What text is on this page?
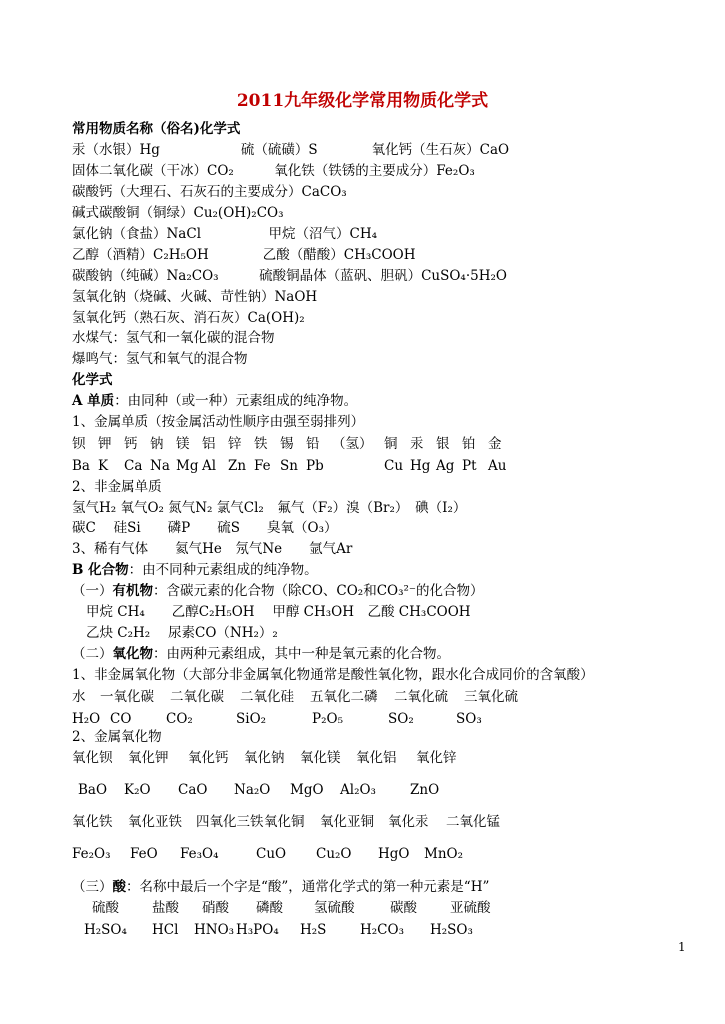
2011九年级化学常用物质化学式
常用物质名称（俗名)化学式
汞（水银）Hg　　　　　　硫（硫磺）S　　　　氧化钙（生石灰）CaO
固体二氧化碳（干冰）CO₂　　　氧化铁（铁锈的主要成分）Fe₂O₃
碳酸钙（大理石、石灰石的主要成分）CaCO₃
碱式碳酸铜（铜绿）Cu₂(OH)₂CO₃
氯化钠（食盐）NaCl　　　　　甲烷（沼气）CH₄
乙醇（酒精）C₂H₅OH　　　　乙酸（醋酸）CH₃COOH
碳酸钠（纯碱）Na₂CO₃　　　硫酸铜晶体（蓝矾、胆矾）CuSO₄·5H₂O
氢氧化钠（烧碱、火碱、苛性钠）NaOH
氢氧化钙（熟石灰、消石灰）Ca(OH)₂
水煤气：氢气和一氧化碳的混合物
爆鸣气：氢气和氧气的混合物
化学式
A 单质：由同种（或一种）元素组成的纯净物。
1、金属单质（按金属活动性顺序由强至弱排列）
钡 钾 钙 钠 镁 铝 锌 铁 锡 铅 （氢） 铜 汞 银 铂 金
Ba K Ca Na Mg Al Zn Fe Sn Pb	Cu Hg Ag Pt Au
2、非金属单质
氢气H₂ 氧气O₂ 氮气N₂ 氯气Cl₂　氟气（F₂）溴（Br₂）　碘（I₂）
碳C　 硅Si　　磷P　　硫S　　臭氧（O₃）
3、稀有气体　　氦气He　氖气Ne　　氩气Ar
B 化合物：由不同种元素组成的纯净物。
（一）有机物：含碳元素的化合物（除CO、CO₂和CO₃²⁻的化合物）
甲烷 CH₄　　乙醇C₂H₅OH　 甲醇 CH₃OH　乙酸 CH₃COOH
乙炔 C₂H₂　 尿素CO（NH₂）₂
（二）氧化物：由两种元素组成，其中一种是氧元素的化合物。
1、非金属氧化物（大部分非金属氧化物通常是酸性氧化物，跟水化合成同价的含氧酸）
水 一氧化碳 二氧化碳 二氧化硅 五氧化二磷 二氧化硫 三氧化硫
H₂O CO	CO₂	SiO₂	P₂O₅	SO₂	SO₃
2、金属氧化物
氧化钡 氧化钾 氧化钙 氧化钠 氧化镁 氧化铝 氧化锌
BaO K₂O CaO Na₂O MgO Al₂O₃	ZnO
氧化铁 氧化亚铁 四氧化三铁氧化铜 氧化亚铜 氧化汞 二氧化锰
Fe₂O₃ FeO Fe₃O₄	CuO Cu₂O HgO MnO₂
（三）酸：名称中最后一个字是“酸”，通常化学式的第一种元素是“H”
硫酸 盐酸 硝酸 磷酸 氢硫酸	碳酸 亚硫酸
H₂SO₄ HCl HNO₃ H₃PO₄ H₂S H₂CO₃ H₂SO₃
1
